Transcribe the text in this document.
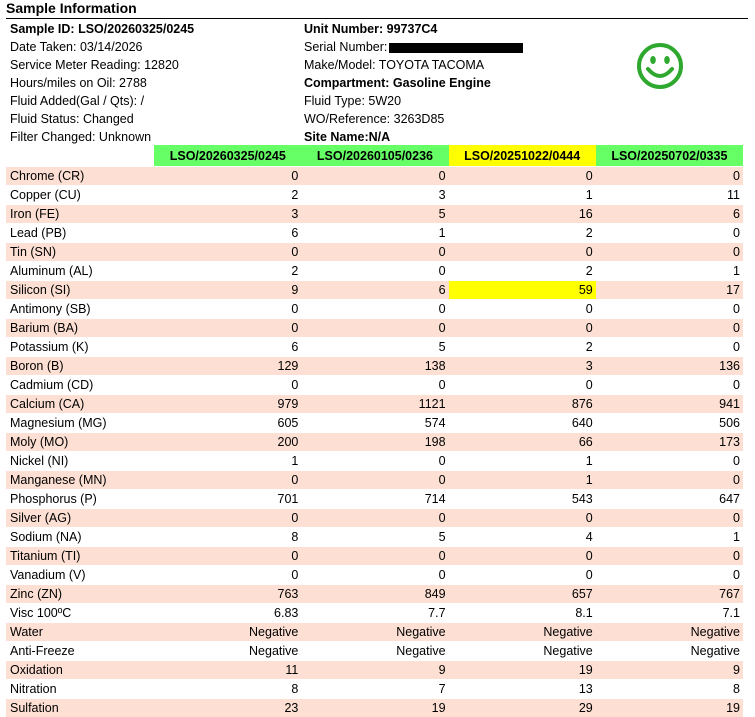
Sample Information
Sample ID: LSO/20260325/0245
Date Taken: 03/14/2026
Service Meter Reading: 12820
Hours/miles on Oil: 2788
Fluid Added(Gal / Qts): /
Fluid Status: Changed
Filter Changed: Unknown
Unit Number: 99737C4
Serial Number:
Make/Model: TOYOTA TACOMA
Compartment: Gasoline Engine
Fluid Type: 5W20
WO/Reference: 3263D85
Site Name:N/A
	LSO/20260325/0245	LSO/20260105/0236	LSO/20251022/0444	LSO/20250702/0335
Chrome (CR)	0	0	0	0
Copper (CU)	2	3	1	11
Iron (FE)	3	5	16	6
Lead (PB)	6	1	2	0
Tin (SN)	0	0	0	0
Aluminum (AL)	2	0	2	1
Silicon (SI)	9	6	59	17
Antimony (SB)	0	0	0	0
Barium (BA)	0	0	0	0
Potassium (K)	6	5	2	0
Boron (B)	129	138	3	136
Cadmium (CD)	0	0	0	0
Calcium (CA)	979	1121	876	941
Magnesium (MG)	605	574	640	506
Moly (MO)	200	198	66	173
Nickel (NI)	1	0	1	0
Manganese (MN)	0	0	1	0
Phosphorus (P)	701	714	543	647
Silver (AG)	0	0	0	0
Sodium (NA)	8	5	4	1
Titanium (TI)	0	0	0	0
Vanadium (V)	0	0	0	0
Zinc (ZN)	763	849	657	767
Visc 100ºC	6.83	7.7	8.1	7.1
Water	Negative	Negative	Negative	Negative
Anti-Freeze	Negative	Negative	Negative	Negative
Oxidation	11	9	19	9
Nitration	8	7	13	8
Sulfation	23	19	29	19
